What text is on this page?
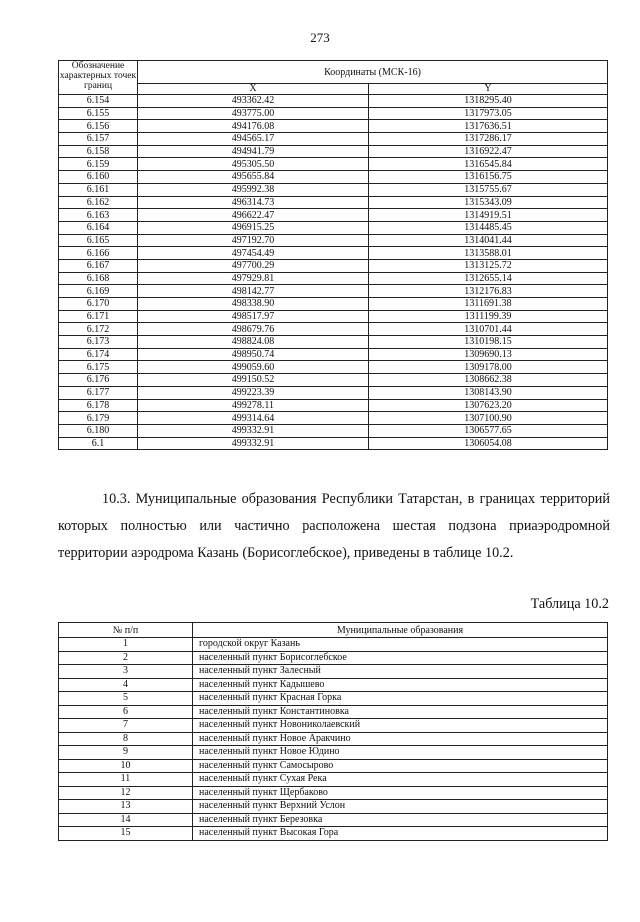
273
Обозначение характерных точек границ	Координаты (МСК-16)	
	X	Y
6.154	493362.42	1318295.40
6.155	493775.00	1317973.05
6.156	494176.08	1317636.51
6.157	494565.17	1317286.17
6.158	494941.79	1316922.47
6.159	495305.50	1316545.84
6.160	495655.84	1316156.75
6.161	495992.38	1315755.67
6.162	496314.73	1315343.09
6.163	496622.47	1314919.51
6.164	496915.25	1314485.45
6.165	497192.70	1314041.44
6.166	497454.49	1313588.01
6.167	497700.29	1313125.72
6.168	497929.81	1312655.14
6.169	498142.77	1312176.83
6.170	498338.90	1311691.38
6.171	498517.97	1311199.39
6.172	498679.76	1310701.44
6.173	498824.08	1310198.15
6.174	498950.74	1309690.13
6.175	499059.60	1309178.00
6.176	499150.52	1308662.38
6.177	499223.39	1308143.90
6.178	499278.11	1307623.20
6.179	499314.64	1307100.90
6.180	499332.91	1306577.65
6.1	499332.91	1306054.08
10.3. Муниципальные образования Республики Татарстан, в границах территорий которых полностью или частично расположена шестая подзона приаэродромной территории аэродрома Казань (Борисоглебское), приведены в таблице 10.2.
Таблица 10.2
№ п/п	Муниципальные образования
1	городской округ Казань
2	населенный пункт Борисоглебское
3	населенный пункт Залесный
4	населенный пункт Кадышево
5	населенный пункт Красная Горка
6	населенный пункт Константиновка
7	населенный пункт Новониколаевский
8	населенный пункт Новое Аракчино
9	населенный пункт Новое Юдино
10	населенный пункт Самосырово
11	населенный пункт Сухая Река
12	населенный пункт Щербаково
13	населенный пункт Верхний Услон
14	населенный пункт Березовка
15	населенный пункт Высокая Гора
